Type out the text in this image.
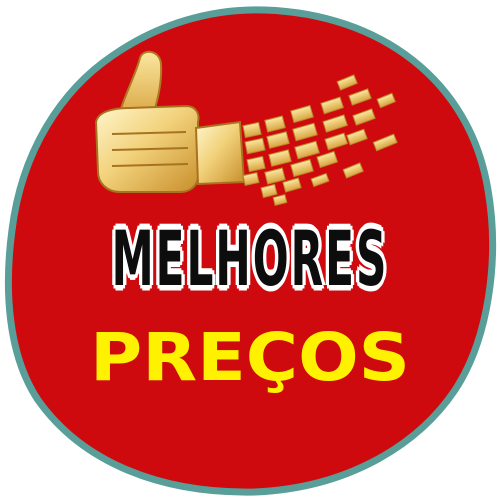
MELHORES
PREÇOS
